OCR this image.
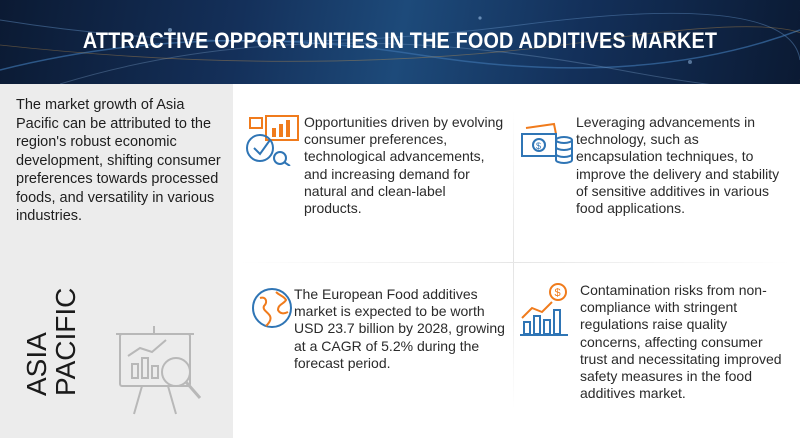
ATTRACTIVE OPPORTUNITIES IN THE FOOD ADDITIVES MARKET
The market growth of Asia Pacific can be attributed to the region's robust economic development, shifting consumer preferences towards processed foods, and versatility in various industries.
ASIA
PACIFIC
Opportunities driven by evolving consumer preferences, technological advancements, and increasing demand for natural and clean-label products.
$
Leveraging advancements in technology, such as encapsulation techniques, to improve the delivery and stability of sensitive additives in various food applications.
The European Food additives market is expected to be worth USD 23.7 billion by 2028, growing at a CAGR of 5.2% during the forecast period.
$ Contamination risks from non-compliance with stringent regulations raise quality concerns, affecting consumer trust and necessitating improved safety measures in the food additives market.
